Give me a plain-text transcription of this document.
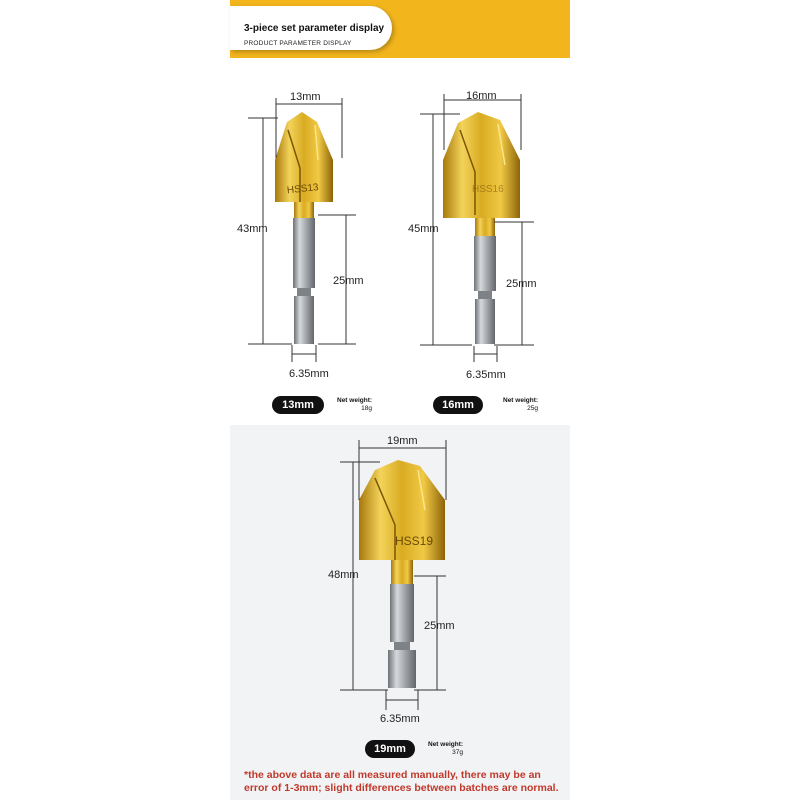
3-piece set parameter display
PRODUCT PARAMETER DISPLAY
HSS13
13mm
43mm
25mm
6.35mm
HSS16
16mm
45mm
25mm
6.35mm
HSS19
19mm
48mm
25mm
6.35mm
13mm	Net weight:
18g	16mm	Net weight:
25g
19mm	Net weight:
37g
*the above data are all measured manually, there may be an error of 1-3mm; slight differences between batches are normal.
